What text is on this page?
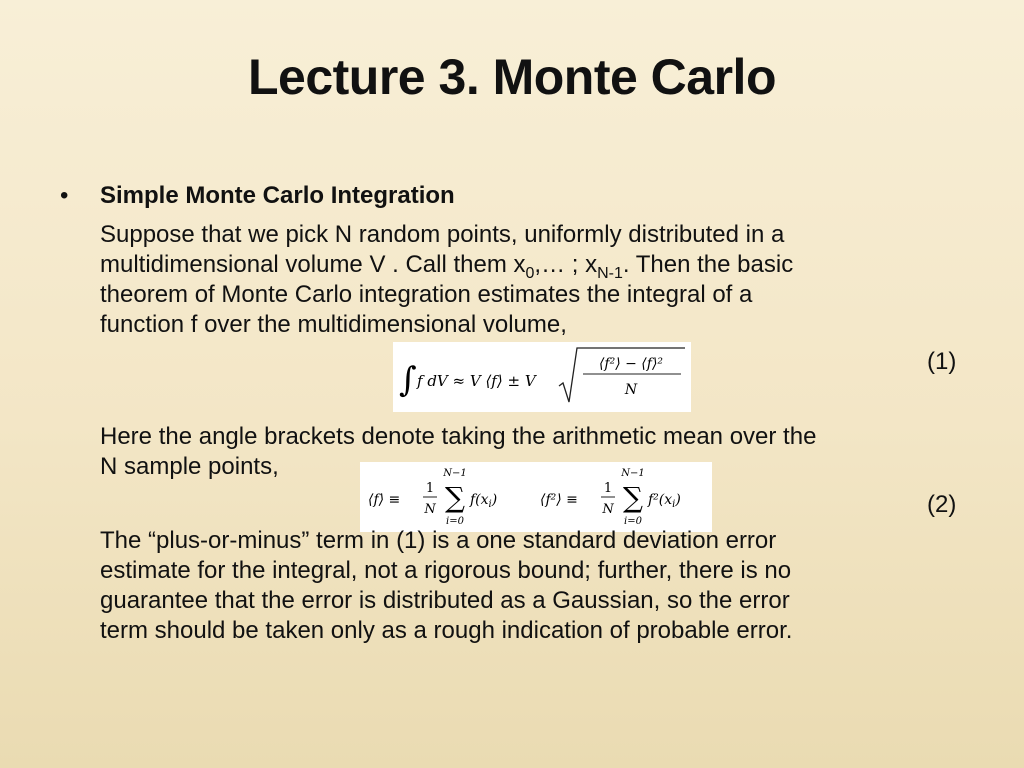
Lecture 3. Monte Carlo
• Simple Monte Carlo Integration
Suppose that we pick N random points, uniformly distributed in a
multidimensional volume V . Call them $x_0,\dots$ ; $x_{N-1}$. Then the basic
theorem of Monte Carlo integration estimates the integral of a
function f over the multidimensional volume,
∫ f dV ≈ V ⟨f⟩ ± V
⟨f²⟩ − ⟨f⟩²
N
(1)
Here the angle brackets denote taking the arithmetic mean over the
N sample points,
⟨f⟩ ≡
1
N
N−1
∑
i=0
$f(x_i)$	⟨f²⟩ ≡
1
N
N−1
∑
i=0
$f^2(x_i)$	(2)
The “plus-or-minus” term in (1) is a one standard deviation error
estimate for the integral, not a rigorous bound; further, there is no
guarantee that the error is distributed as a Gaussian, so the error
term should be taken only as a rough indication of probable error.
